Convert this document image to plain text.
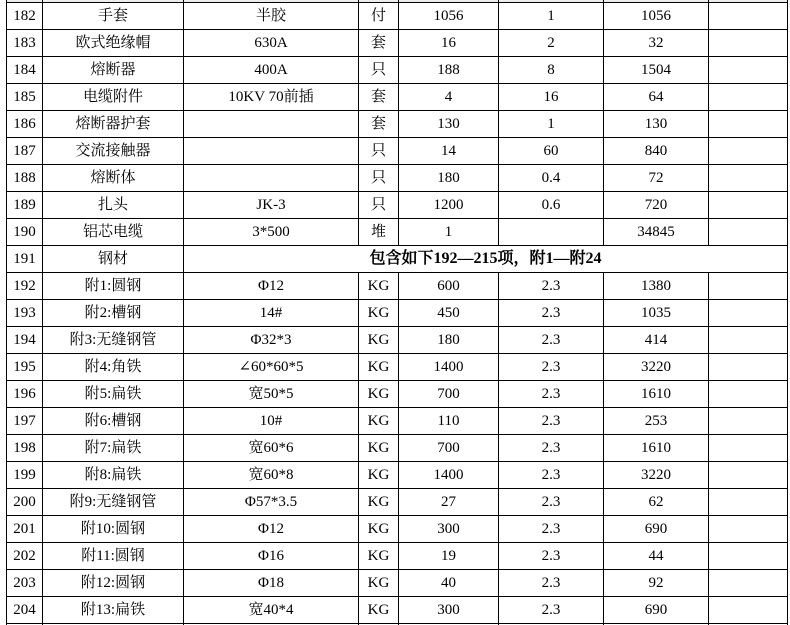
182	手套	半胶	付	1056	1	1056	
183	欧式绝缘帽	630A	套	16	2	32	
184	熔断器	400A	只	188	8	1504	
185	电缆附件	10KV 70前插	套	4	16	64	
186	熔断器护套		套	130	1	130	
187	交流接触器		只	14	60	840	
188	熔断体		只	180	0.4	72	
189	扎头	JK-3	只	1200	0.6	720	
190	铝芯电缆	3*500	堆	1		34845	
191	钢材	包含如下192—215项，附1—附24					
192	附1:圆钢	Φ12	KG	600	2.3	1380	
193	附2:槽钢	14#	KG	450	2.3	1035	
194	附3:无缝钢管	Φ32*3	KG	180	2.3	414	
195	附4:角铁	∠60*60*5	KG	1400	2.3	3220	
196	附5:扁铁	宽50*5	KG	700	2.3	1610	
197	附6:槽钢	10#	KG	110	2.3	253	
198	附7:扁铁	宽60*6	KG	700	2.3	1610	
199	附8:扁铁	宽60*8	KG	1400	2.3	3220	
200	附9:无缝钢管	Φ57*3.5	KG	27	2.3	62	
201	附10:圆钢	Φ12	KG	300	2.3	690	
202	附11:圆钢	Φ16	KG	19	2.3	44	
203	附12:圆钢	Φ18	KG	40	2.3	92	
204	附13:扁铁	宽40*4	KG	300	2.3	690	
